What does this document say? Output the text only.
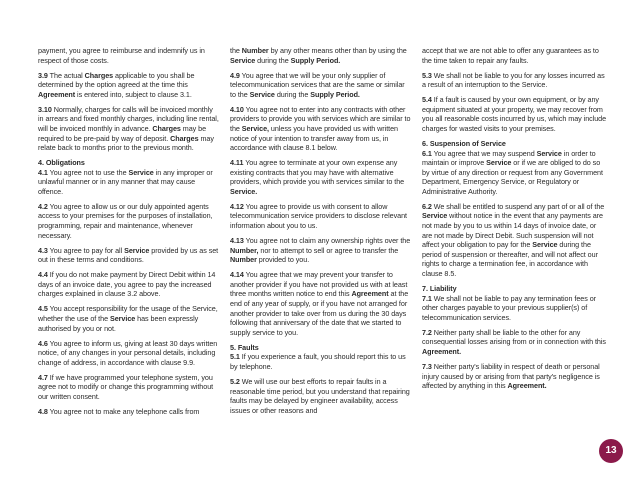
payment, you agree to reimburse and indemnify us in respect of those costs.

3.9 The actual Charges applicable to you shall be determined by the option agreed at the time this Agreement is entered into, subject to clause 3.1.

3.10 Normally, charges for calls will be invoiced monthly in arrears and fixed monthly charges, including line rental, will be invoiced monthly in advance. Charges may be required to be pre-paid by way of deposit. Charges may relate back to months prior to the previous month.

4. Obligations

4.1 You agree not to use the Service in any improper or unlawful manner or in any manner that may cause offence.

4.2 You agree to allow us or our duly appointed agents access to your premises for the purposes of installation, programming, repair and maintenance, whenever necessary.

4.3 You agree to pay for all Service provided by us as set out in these terms and conditions.

4.4 If you do not make payment by Direct Debit within 14 days of an invoice date, you agree to pay the increased charges explained in clause 3.2 above.

4.5 You accept responsibility for the usage of the Service, whether the use of the Service has been expressly authorised by you or not.

4.6 You agree to inform us, giving at least 30 days written notice, of any changes in your personal details, including change of address, in accordance with clause 9.9.

4.7 If we have programmed your telephone system, you agree not to modify or change this programming without our written consent.

4.8 You agree not to make any telephone calls from

the Number by any other means other than by using the Service during the Supply Period.

4.9 You agree that we will be your only supplier of telecommunication services that are the same or similar to the Service during the Supply Period.

4.10 You agree not to enter into any contracts with other providers to provide you with services which are similar to the Service, unless you have provided us with written notice of your intention to transfer away from us, in accordance with clause 8.1 below.

4.11 You agree to terminate at your own expense any existing contracts that you may have with alternative providers, which provide you with services similar to the Service.

4.12 You agree to provide us with consent to allow telecommunication service providers to disclose relevant information about you to us.

4.13 You agree not to claim any ownership rights over the Number, nor to attempt to sell or agree to transfer the Number provided to you.

4.14 You agree that we may prevent your transfer to another provider if you have not provided us with at least three months written notice to end this Agreement at the end of any year of supply, or if you have not arranged for another provider to take over from us during the 30 days following that anniversary of the date that we started to supply service to you.

5. Faults

5.1 If you experience a fault, you should report this to us by telephone.

5.2 We will use our best efforts to repair faults in a reasonable time period, but you understand that repairing faults may be delayed by engineer availability, access issues or other reasons and

accept that we are not able to offer any guarantees as to the time taken to repair any faults.

5.3 We shall not be liable to you for any losses incurred as a result of an interruption to the Service.

5.4 If a fault is caused by your own equipment, or by any equipment situated at your property, we may recover from you all reasonable costs incurred by us, which may include charges for wasted visits to your premises.

6. Suspension of Service

6.1 You agree that we may suspend Service in order to maintain or improve Service or if we are obliged to do so by virtue of any direction or request from any Government Department, Emergency Service, or Regulatory or Administrative Authority.

6.2 We shall be entitled to suspend any part of or all of the Service without notice in the event that any payments are not made by you to us within 14 days of invoice date, or are not made by Direct Debit. Such suspension will not affect your obligation to pay for the Service during the period of suspension or thereafter, and will not affect our rights to charge a termination fee, in accordance with clause 8.5.

7. Liability

7.1 We shall not be liable to pay any termination fees or other charges payable to your previous supplier(s) of telecommunication services.

7.2 Neither party shall be liable to the other for any consequential losses arising from or in connection with this Agreement.

7.3 Neither party's liability in respect of death or personal injury caused by or arising from that party's negligence is affected by anything in this Agreement.

13
